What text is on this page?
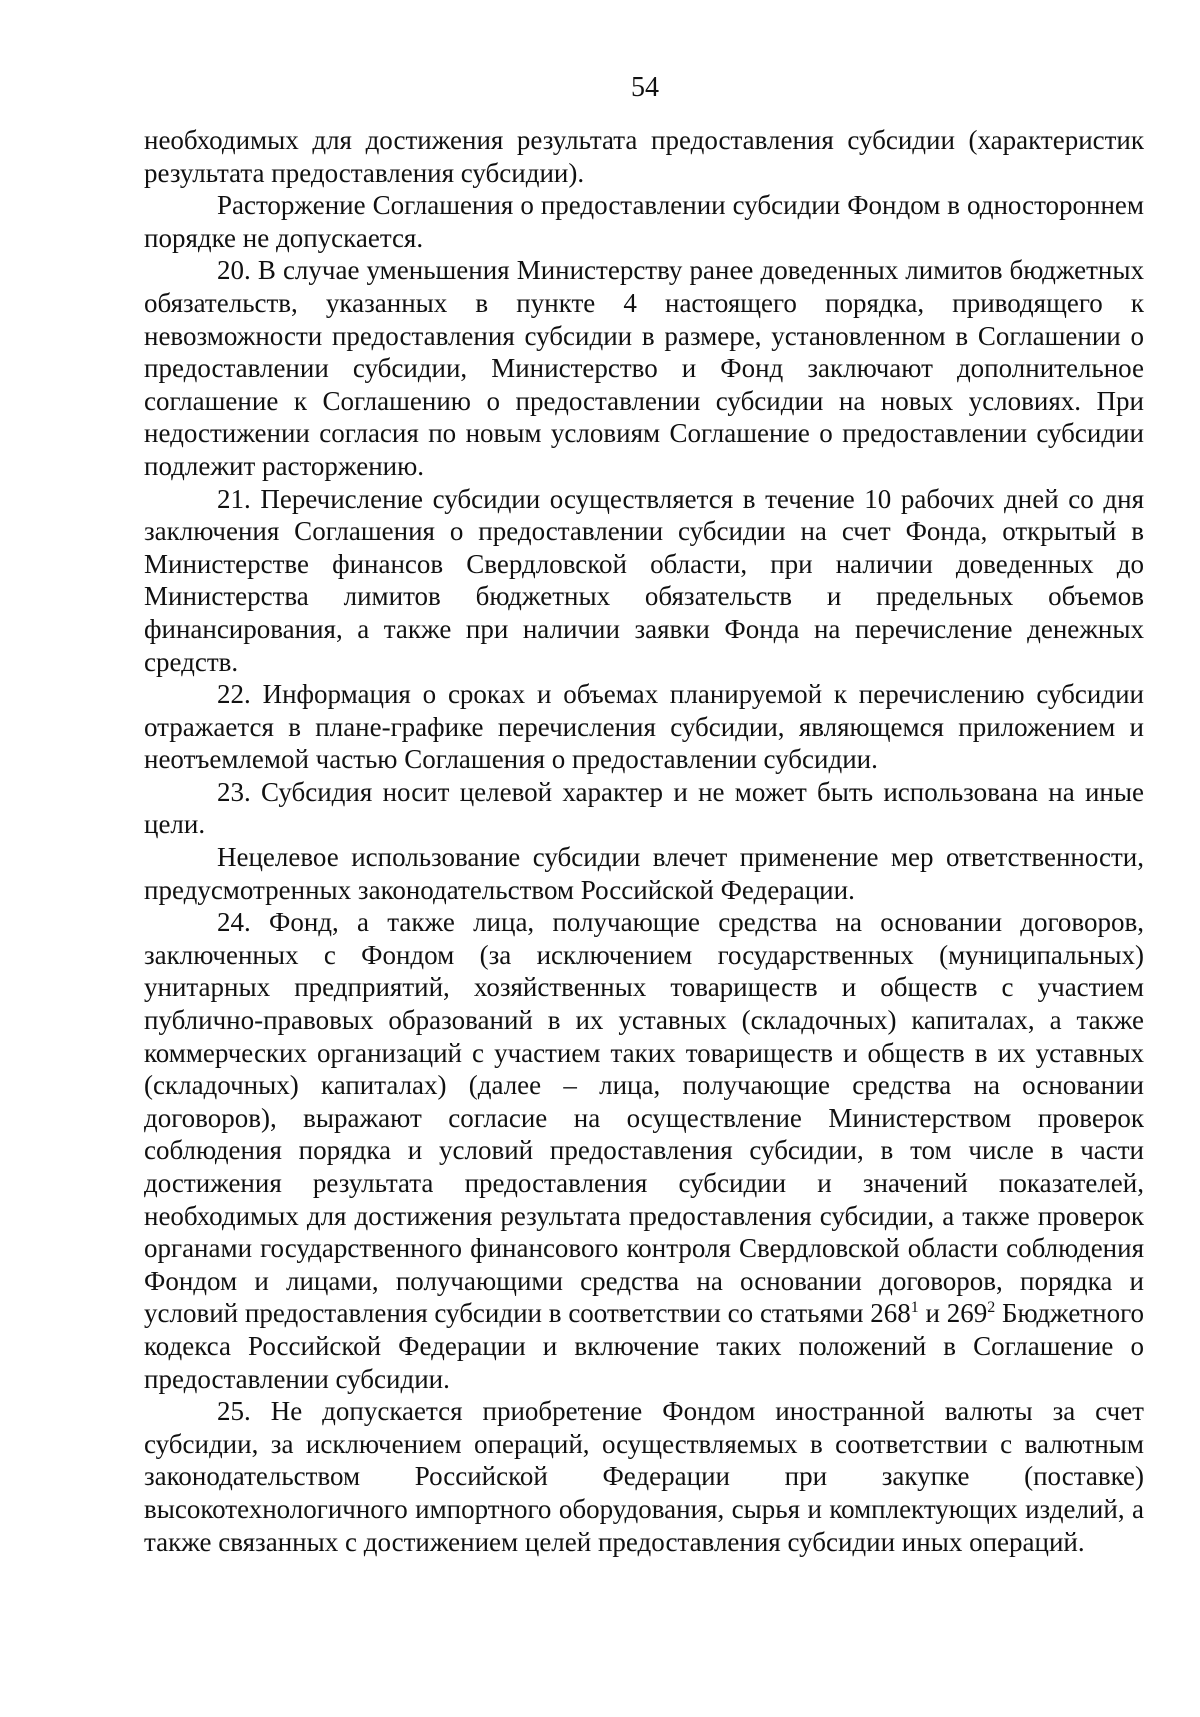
54

необходимых для достижения результата предоставления субсидии (характеристик результата предоставления субсидии).

Расторжение Соглашения о предоставлении субсидии Фондом в одностороннем порядке не допускается.

20. В случае уменьшения Министерству ранее доведенных лимитов бюджетных обязательств, указанных в пункте 4 настоящего порядка, приводящего к невозможности предоставления субсидии в размере, установленном в Соглашении о предоставлении субсидии, Министерство и Фонд заключают дополнительное соглашение к Соглашению о предоставлении субсидии на новых условиях. При недостижении согласия по новым условиям Соглашение о предоставлении субсидии подлежит расторжению.

21. Перечисление субсидии осуществляется в течение 10 рабочих дней со дня заключения Соглашения о предоставлении субсидии на счет Фонда, открытый в Министерстве финансов Свердловской области, при наличии доведенных до Министерства лимитов бюджетных обязательств и предельных объемов финансирования, а также при наличии заявки Фонда на перечисление денежных средств.

22. Информация о сроках и объемах планируемой к перечислению субсидии отражается в плане-графике перечисления субсидии, являющемся приложением и неотъемлемой частью Соглашения о предоставлении субсидии.

23. Субсидия носит целевой характер и не может быть использована на иные цели.

Нецелевое использование субсидии влечет применение мер ответственности, предусмотренных законодательством Российской Федерации.

24. Фонд, а также лица, получающие средства на основании договоров, заключенных с Фондом (за исключением государственных (муниципальных) унитарных предприятий, хозяйственных товариществ и обществ с участием публично-правовых образований в их уставных (складочных) капиталах, а также коммерческих организаций с участием таких товариществ и обществ в их уставных (складочных) капиталах) (далее – лица, получающие средства на основании договоров), выражают согласие на осуществление Министерством проверок соблюдения порядка и условий предоставления субсидии, в том числе в части достижения результата предоставления субсидии и значений показателей, необходимых для достижения результата предоставления субсидии, а также проверок органами государственного финансового контроля Свердловской области соблюдения Фондом и лицами, получающими средства на основании договоров, порядка и условий предоставления субсидии в соответствии со статьями $268^1$ и $269^2$ Бюджетного кодекса Российской Федерации и включение таких положений в Соглашение о предоставлении субсидии.

25. Не допускается приобретение Фондом иностранной валюты за счет субсидии, за исключением операций, осуществляемых в соответствии с валютным законодательством Российской Федерации при закупке (поставке) высокотехнологичного импортного оборудования, сырья и комплектующих изделий, а также связанных с достижением целей предоставления субсидии иных операций.
